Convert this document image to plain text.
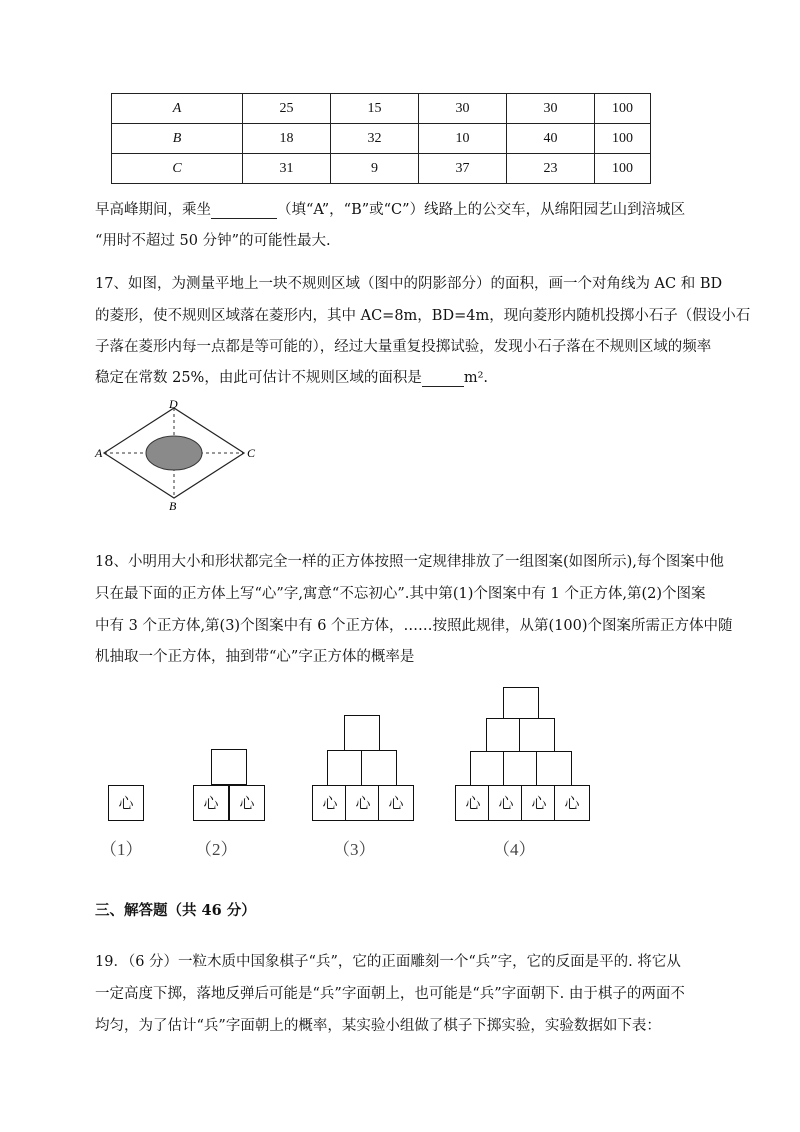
A	25	15	30	30	100
B	18	32	10	40	100
C	31	9	37	23	100
早高峰期间，乘坐	（填“A”，“B”或“C”）线路上的公交车，从绵阳园艺山到涪城区
“用时不超过 50 分钟”的可能性最大.
17、如图，为测量平地上一块不规则区域（图中的阴影部分）的面积，画一个对角线为 AC 和 BD
的菱形，使不规则区域落在菱形内，其中 AC=8m，BD=4m，现向菱形内随机投掷小石子（假设小石
子落在菱形内每一点都是等可能的），经过大量重复投掷试验，发现小石子落在不规则区域的频率
稳定在常数 25%，由此可估计不规则区域的面积是	m².
D
A	C
B
18、小明用大小和形状都完全一样的正方体按照一定规律排放了一组图案(如图所示),每个图案中他
只在最下面的正方体上写“心”字,寓意“不忘初心”.其中第(1)个图案中有 1 个正方体,第(2)个图案
中有 3 个正方体,第(3)个图案中有 6 个正方体，……按照此规律，从第(100)个图案所需正方体中随
机抽取一个正方体，抽到带“心”字正方体的概率是
心	心	心	心	心	心	心	心	心	心
（1）	（2）	（3）	（4）
三、解答题（共 46 分）
19．（6 分）一粒木质中国象棋子“兵”，它的正面雕刻一个“兵”字，它的反面是平的. 将它从
一定高度下掷，落地反弹后可能是“兵”字面朝上，也可能是“兵”字面朝下. 由于棋子的两面不
均匀，为了估计“兵”字面朝上的概率，某实验小组做了棋子下掷实验，实验数据如下表：
